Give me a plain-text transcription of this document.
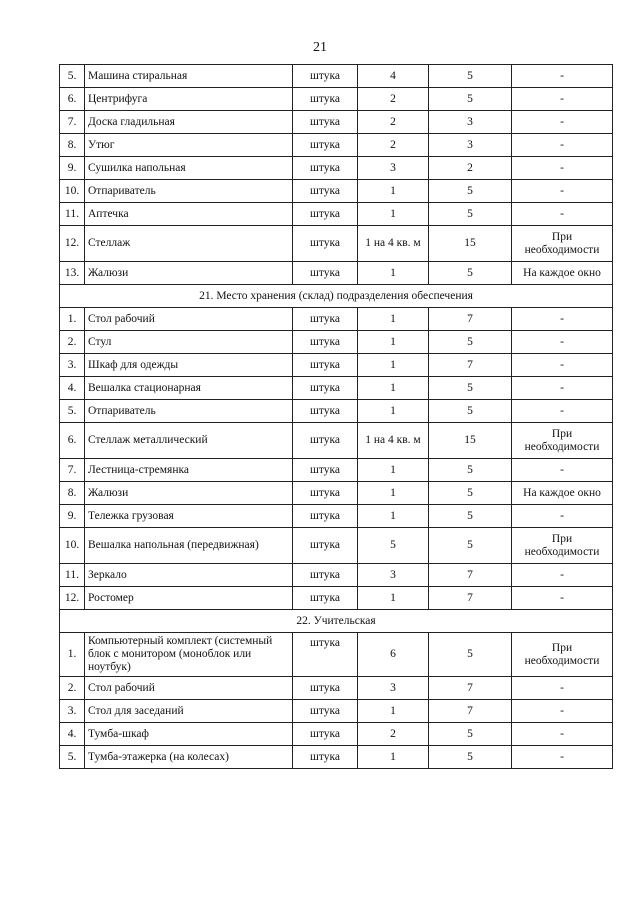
21
5.	Машина стиральная	штука	4	5	-
6.	Центрифуга	штука	2	5	-
7.	Доска гладильная	штука	2	3	-
8.	Утюг	штука	2	3	-
9.	Сушилка напольная	штука	3	2	-
10.	Отпариватель	штука	1	5	-
11.	Аптечка	штука	1	5	-
12.	Стеллаж	штука	1 на 4 кв. м	15	При необходимости
13.	Жалюзи	штука	1	5	На каждое окно
21. Место хранения (склад) подразделения обеспечения					
1.	Стол рабочий	штука	1	7	-
2.	Стул	штука	1	5	-
3.	Шкаф для одежды	штука	1	7	-
4.	Вешалка стационарная	штука	1	5	-
5.	Отпариватель	штука	1	5	-
6.	Стеллаж металлический	штука	1 на 4 кв. м	15	При необходимости
7.	Лестница-стремянка	штука	1	5	-
8.	Жалюзи	штука	1	5	На каждое окно
9.	Тележка грузовая	штука	1	5	-
10.	Вешалка напольная (передвижная)	штука	5	5	При необходимости
11.	Зеркало	штука	3	7	-
12.	Ростомер	штука	1	7	-
22. Учительская					
1.	Компьютерный комплект (системный блок с монитором (моноблок или ноутбук)	штука	6	5	При необходимости
2.	Стол рабочий	штука	3	7	-
3.	Стол для заседаний	штука	1	7	-
4.	Тумба-шкаф	штука	2	5	-
5.	Тумба-этажерка (на колесах)	штука	1	5	-
